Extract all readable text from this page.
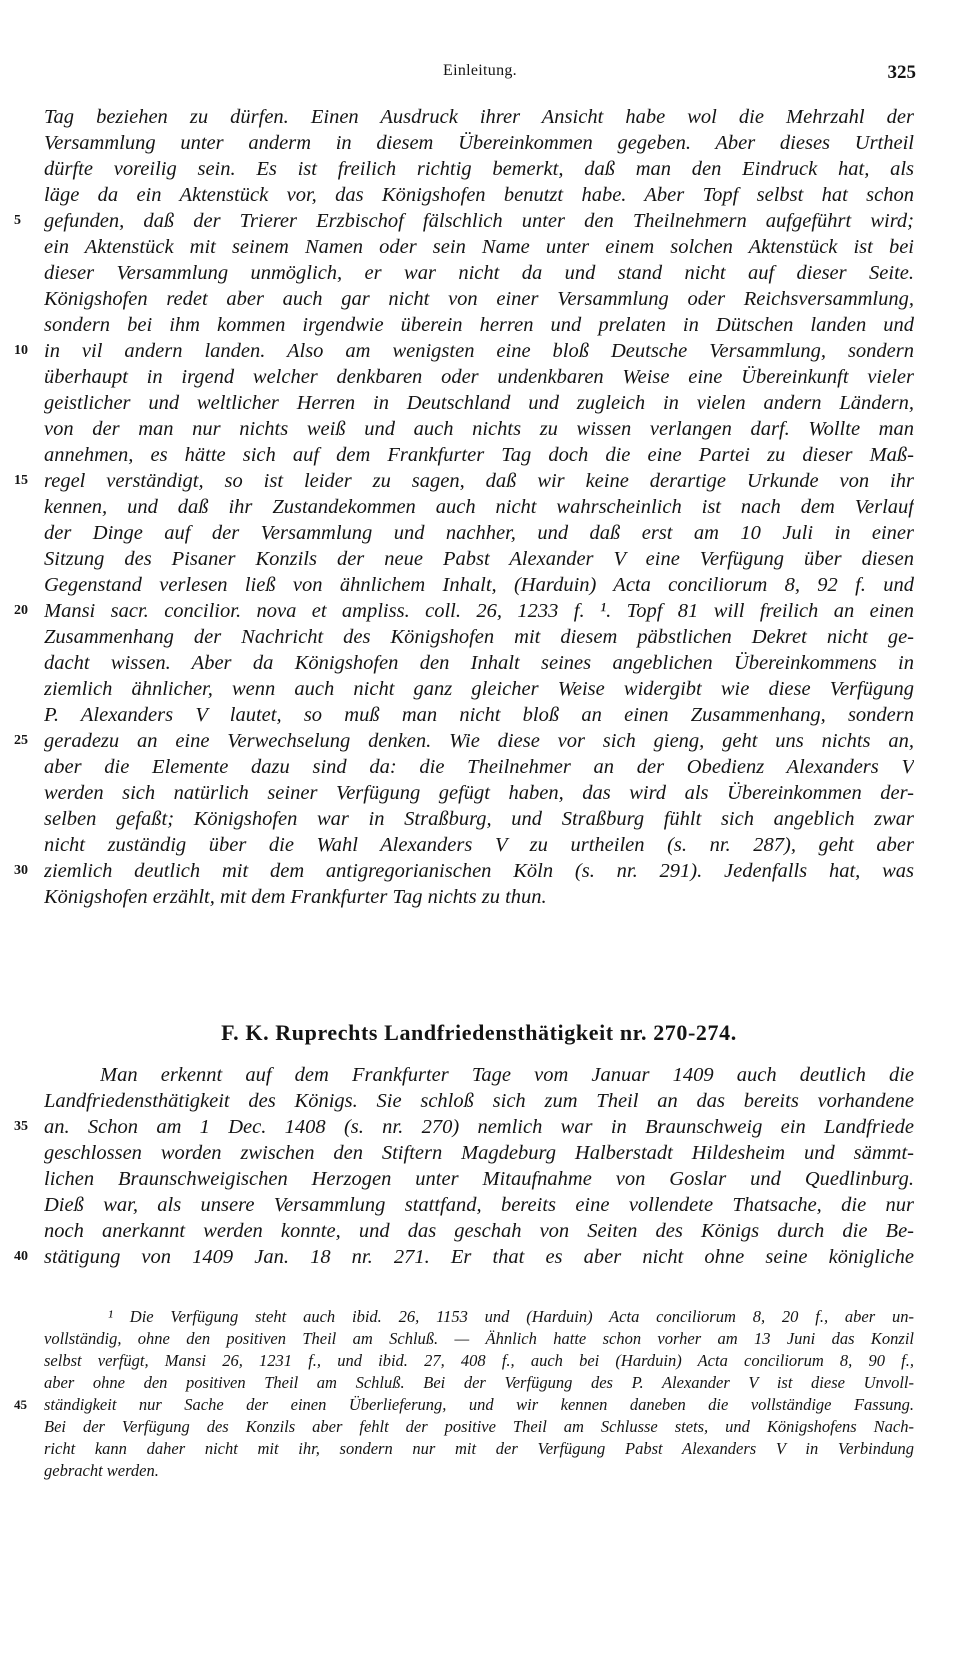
Einleitung.	325
Tag beziehen zu dürfen. Einen Ausdruck ihrer Ansicht habe wol die Mehrzahl der
Versammlung unter anderm in diesem Übereinkommen gegeben. Aber dieses Urtheil
dürfte voreilig sein. Es ist freilich richtig bemerkt, daß man den Eindruck hat, als
läge da ein Aktenstück vor, das Königshofen benutzt habe. Aber Topf selbst hat schon
gefunden, daß der Trierer Erzbischof fälschlich unter den Theilnehmern aufgeführt wird;
ein Aktenstück mit seinem Namen oder sein Name unter einem solchen Aktenstück ist bei
dieser Versammlung unmöglich, er war nicht da und stand nicht auf dieser Seite.
Königshofen redet aber auch gar nicht von einer Versammlung oder Reichsversammlung,
sondern bei ihm kommen irgendwie überein herren und prelaten in Dütschen landen und
in vil andern landen. Also am wenigsten eine bloß Deutsche Versammlung, sondern
überhaupt in irgend welcher denkbaren oder undenkbaren Weise eine Übereinkunft vieler
geistlicher und weltlicher Herren in Deutschland und zugleich in vielen andern Ländern,
von der man nur nichts weiß und auch nichts zu wissen verlangen darf. Wollte man
annehmen, es hätte sich auf dem Frankfurter Tag doch die eine Partei zu dieser Maß-
regel verständigt, so ist leider zu sagen, daß wir keine derartige Urkunde von ihr
kennen, und daß ihr Zustandekommen auch nicht wahrscheinlich ist nach dem Verlauf
der Dinge auf der Versammlung und nachher, und daß erst am 10 Juli in einer
Sitzung des Pisaner Konzils der neue Pabst Alexander V eine Verfügung über diesen
Gegenstand verlesen ließ von ähnlichem Inhalt, (Harduin) Acta conciliorum 8, 92 f. und
Mansi sacr. concilior. nova et ampliss. coll. 26, 1233 f. ¹. Topf 81 will freilich an einen
Zusammenhang der Nachricht des Königshofen mit diesem päbstlichen Dekret nicht ge-
dacht wissen. Aber da Königshofen den Inhalt seines angeblichen Übereinkommens in
ziemlich ähnlicher, wenn auch nicht ganz gleicher Weise widergibt wie diese Verfügung
P. Alexanders V lautet, so muß man nicht bloß an einen Zusammenhang, sondern
geradezu an eine Verwechselung denken. Wie diese vor sich gieng, geht uns nichts an,
aber die Elemente dazu sind da: die Theilnehmer an der Obedienz Alexanders V
werden sich natürlich seiner Verfügung gefügt haben, das wird als Übereinkommen der-
selben gefaßt; Königshofen war in Straßburg, und Straßburg fühlt sich angeblich zwar
nicht zuständig über die Wahl Alexanders V zu urtheilen (s. nr. 287), geht aber
ziemlich deutlich mit dem antigregorianischen Köln (s. nr. 291). Jedenfalls hat, was
Königshofen erzählt, mit dem Frankfurter Tag nichts zu thun.
F. K. Ruprechts Landfriedensthätigkeit nr. 270-274.
Man erkennt auf dem Frankfurter Tage vom Januar 1409 auch deutlich die
Landfriedensthätigkeit des Königs. Sie schloß sich zum Theil an das bereits vorhandene
an. Schon am 1 Dec. 1408 (s. nr. 270) nemlich war in Braunschweig ein Landfriede
geschlossen worden zwischen den Stiftern Magdeburg Halberstadt Hildesheim und sämmt-
lichen Braunschweigischen Herzogen unter Mitaufnahme von Goslar und Quedlinburg.
Dieß war, als unsere Versammlung stattfand, bereits eine vollendete Thatsache, die nur
noch anerkannt werden konnte, und das geschah von Seiten des Königs durch die Be-
stätigung von 1409 Jan. 18 nr. 271. Er that es aber nicht ohne seine königliche
¹ Die Verfügung steht auch ibid. 26, 1153 und (Harduin) Acta conciliorum 8, 20 f., aber un-
vollständig, ohne den positiven Theil am Schluß. — Ähnlich hatte schon vorher am 13 Juni das Konzil
selbst verfügt, Mansi 26, 1231 f., und ibid. 27, 408 f., auch bei (Harduin) Acta conciliorum 8, 90 f.,
aber ohne den positiven Theil am Schluß. Bei der Verfügung des P. Alexander V ist diese Unvoll-
ständigkeit nur Sache der einen Überlieferung, und wir kennen daneben die vollständige Fassung.
Bei der Verfügung des Konzils aber fehlt der positive Theil am Schlusse stets, und Königshofens Nach-
richt kann daher nicht mit ihr, sondern nur mit der Verfügung Pabst Alexanders V in Verbindung
gebracht werden.
5
10
15
20
25
30
35
40
45
